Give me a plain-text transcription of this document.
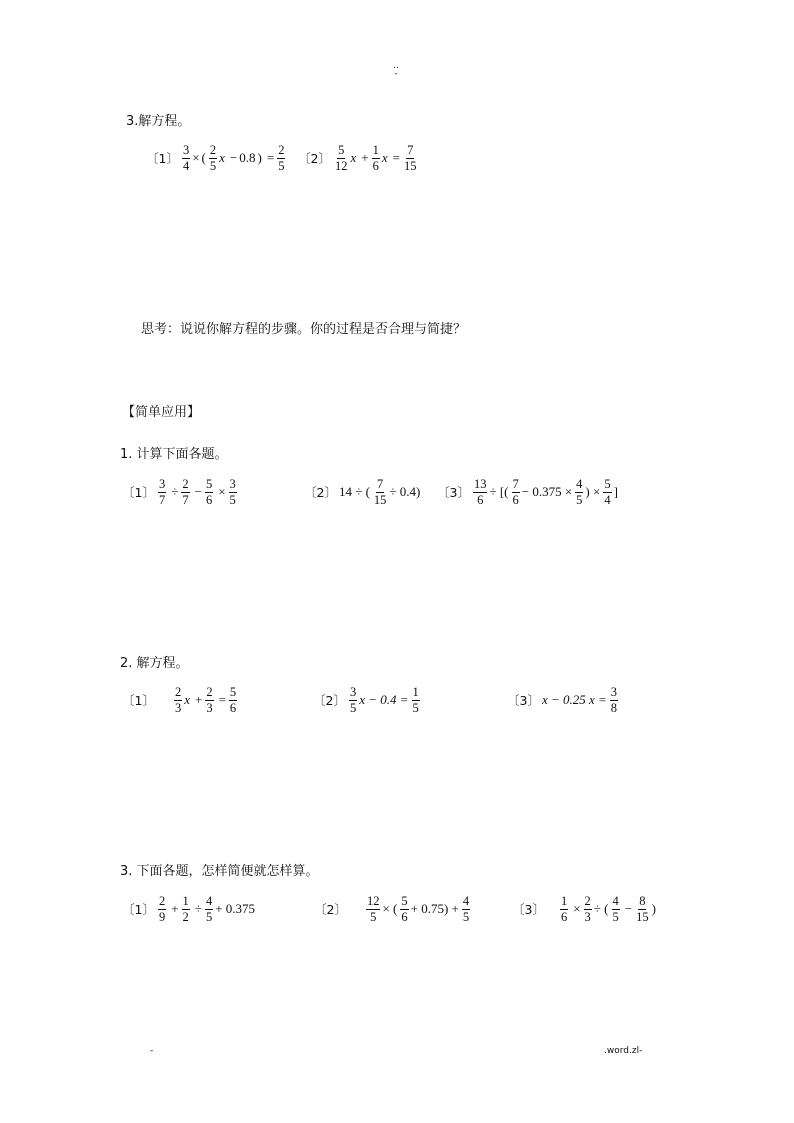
..
-
3.解方程。
〔1〕 $\frac{3}{4}$ × ( $\frac{2}{5}$ x − 0.8 ) = $\frac{2}{5}$ 〔2〕 $\frac{5}{12}$ $x + \frac{1}{6}$ $x = \frac{7}{15}$
思考：说说你解方程的步骤。你的过程是否合理与简捷？
【简单应用】
1. 计算下面各题。
〔1〕 $\frac{3}{7} \div \frac{2}{7} - \frac{5}{6} \times \frac{3}{5}$	〔2〕 14 ÷ ( $\frac{7}{15} \div 0.4$) 〔3〕 $\frac{13}{6}$ ÷ [( $\frac{7}{6} - 0.375 \times \frac{4}{5}$ ) × $\frac{5}{4}$ ]
2. 解方程。
〔1〕 $\frac{2}{3}$ $x + \frac{2}{3} = \frac{5}{6}$	〔2〕 $\frac{3}{5}$ $x - 0.4 = \frac{1}{5}$	〔3〕 x − 0.25 $x = \frac{3}{8}$
3. 下面各题，怎样简便就怎样算。
〔1〕 $\frac{2}{9} + \frac{1}{2} \div \frac{4}{5} + 0.375$	〔2〕 $\frac{12}{5}$ × ( $\frac{5}{6} + 0.75) + \frac{4}{5}$	〔3〕 $\frac{1}{6} \times \frac{2}{3}$ ÷ ( $\frac{4}{5} - \frac{8}{15}$ )
-	.word.zl-
